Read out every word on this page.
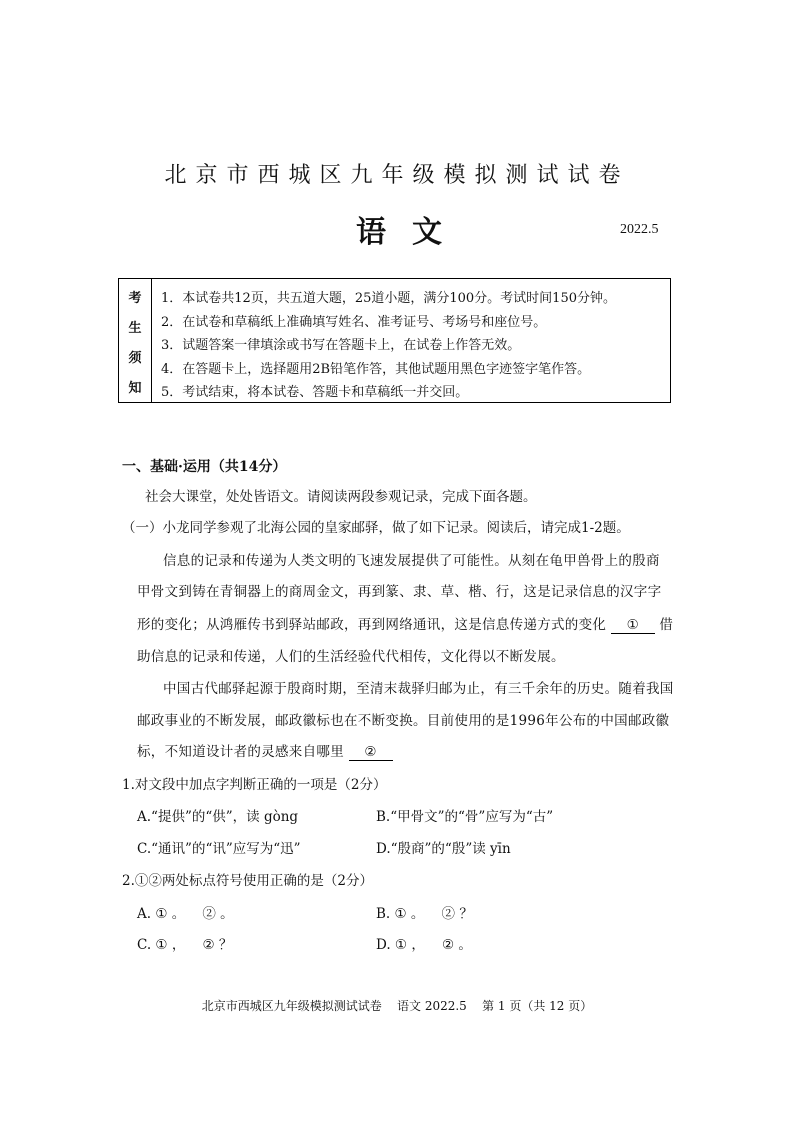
北京市西城区九年级模拟测试试卷
语文	2022.5
考
生
须
知
1．本试卷共12页，共五道大题，25道小题，满分100分。考试时间150分钟。
2．在试卷和草稿纸上准确填写姓名、准考证号、考场号和座位号。
3．试题答案一律填涂或书写在答题卡上，在试卷上作答无效。
4．在答题卡上，选择题用2B铅笔作答，其他试题用黑色字迹签字笔作答。
5．考试结束，将本试卷、答题卡和草稿纸一并交回。
一、基础·运用（共14分）
社会大课堂，处处皆语文。请阅读两段参观记录，完成下面各题。
（一）小龙同学参观了北海公园的皇家邮驿，做了如下记录。阅读后，请完成1-2题。
信息的记录和传递为人类文明的飞速发展提供了可能性。从刻在龟甲兽骨上的殷商
甲骨文到铸在青铜器上的商周金文，再到篆、隶、草、楷、行，这是记录信息的汉字字
形的变化；从鸿雁传书到驿站邮政，再到网络通讯，这是信息传递方式的变化 ① 借
助信息的记录和传递，人们的生活经验代代相传，文化得以不断发展。
中国古代邮驿起源于殷商时期，至清末裁驿归邮为止，有三千余年的历史。随着我国
邮政事业的不断发展，邮政徽标也在不断变换。目前使用的是1996年公布的中国邮政徽
标，不知道设计者的灵感来自哪里 ②
1.对文段中加点字判断正确的一项是（2分）
A.“提供”的“供”，读 gòng	B.“甲骨文”的“骨”应写为“古”
C.“通讯”的“讯”应写为“迅”	D.“殷商”的“殷”读 yīn
2.①②两处标点符号使用正确的是（2分）
A. ① 。    ② 。	B. ① 。    ② ？
C. ① ，    ② ？	D. ① ，    ② 。
北京市西城区九年级模拟测试试卷    语文 2022.5    第 1 页（共 12 页）
